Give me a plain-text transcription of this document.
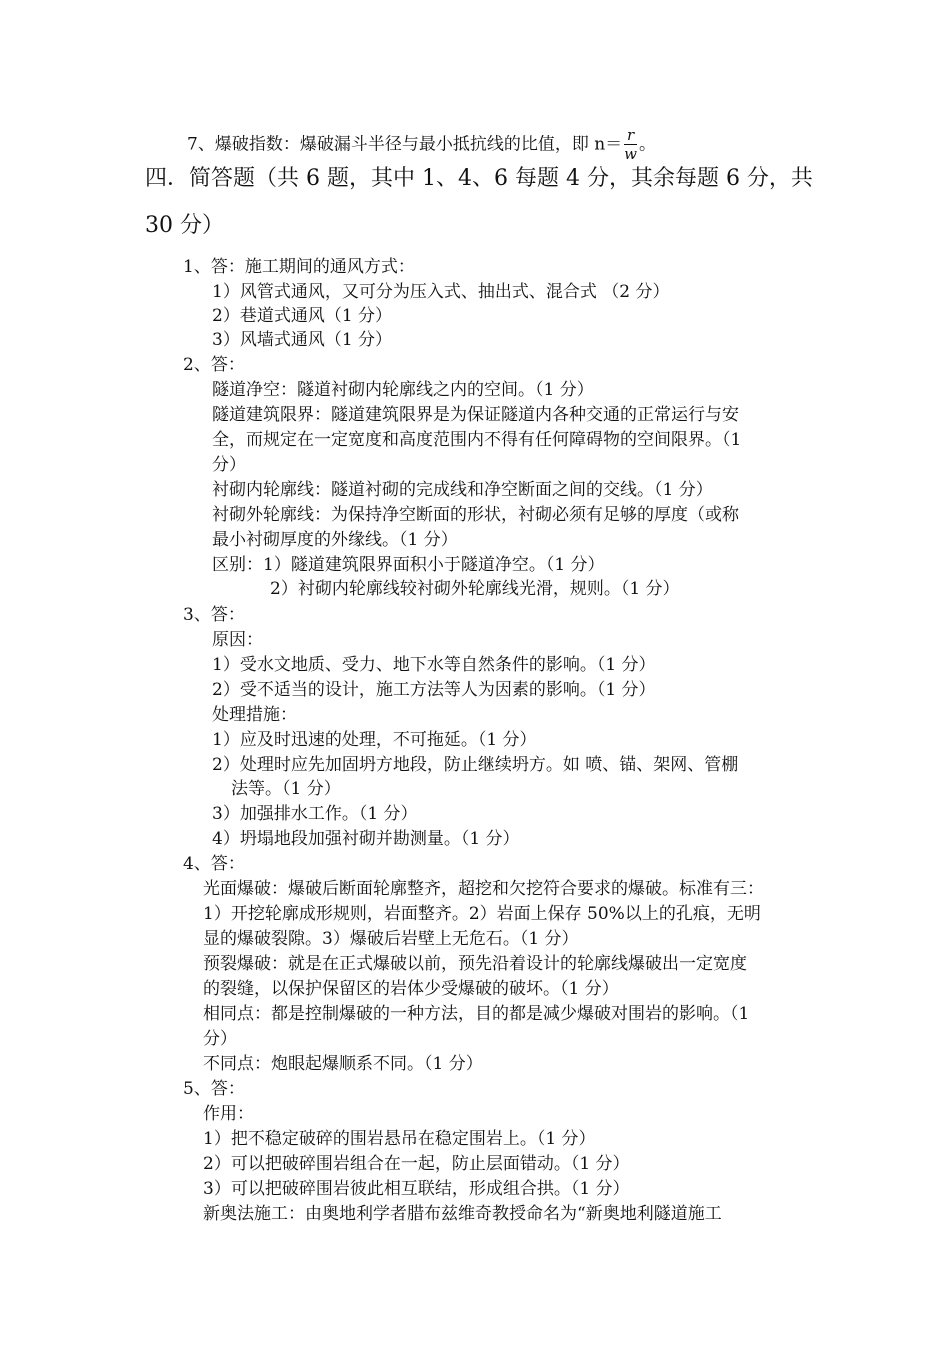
7、爆破指数：爆破漏斗半径与最小抵抗线的比值，即 $n= \frac{r}{w}$ 。
四．简答题（共 6 题，其中 1、4、6 每题 4 分，其余每题 6 分，共
30 分）
1、答：施工期间的通风方式：
1）风管式通风，又可分为压入式、抽出式、混合式 （2 分）
2）巷道式通风（1 分）
3）风墙式通风（1 分）
2、答：
隧道净空：隧道衬砌内轮廓线之内的空间。（1 分）
隧道建筑限界：隧道建筑限界是为保证隧道内各种交通的正常运行与安
全，而规定在一定宽度和高度范围内不得有任何障碍物的空间限界。（1
分）
衬砌内轮廓线：隧道衬砌的完成线和净空断面之间的交线。（1 分）
衬砌外轮廓线：为保持净空断面的形状，衬砌必须有足够的厚度（或称
最小衬砌厚度的外缘线。（1 分）
区别：1）隧道建筑限界面积小于隧道净空。（1 分）
2）衬砌内轮廓线较衬砌外轮廓线光滑，规则。（1 分）
3、答：
原因：
1）受水文地质、受力、地下水等自然条件的影响。（1 分）
2）受不适当的设计，施工方法等人为因素的影响。（1 分）
处理措施：
1）应及时迅速的处理，不可拖延。（1 分）
2）处理时应先加固坍方地段，防止继续坍方。如 喷、锚、架网、管棚
法等。（1 分）
3）加强排水工作。（1 分）
4）坍塌地段加强衬砌并勘测量。（1 分）
4、答：
光面爆破：爆破后断面轮廓整齐，超挖和欠挖符合要求的爆破。标准有三：
1）开挖轮廓成形规则，岩面整齐。2）岩面上保存 50%以上的孔痕，无明
显的爆破裂隙。3）爆破后岩壁上无危石。（1 分）
预裂爆破：就是在正式爆破以前，预先沿着设计的轮廓线爆破出一定宽度
的裂缝，以保护保留区的岩体少受爆破的破坏。（1 分）
相同点：都是控制爆破的一种方法，目的都是减少爆破对围岩的影响。（1
分）
不同点：炮眼起爆顺系不同。（1 分）
5、答：
作用：
1）把不稳定破碎的围岩悬吊在稳定围岩上。（1 分）
2）可以把破碎围岩组合在一起，防止层面错动。（1 分）
3）可以把破碎围岩彼此相互联结，形成组合拱。（1 分）
新奥法施工：由奥地利学者腊布兹维奇教授命名为“新奥地利隧道施工
